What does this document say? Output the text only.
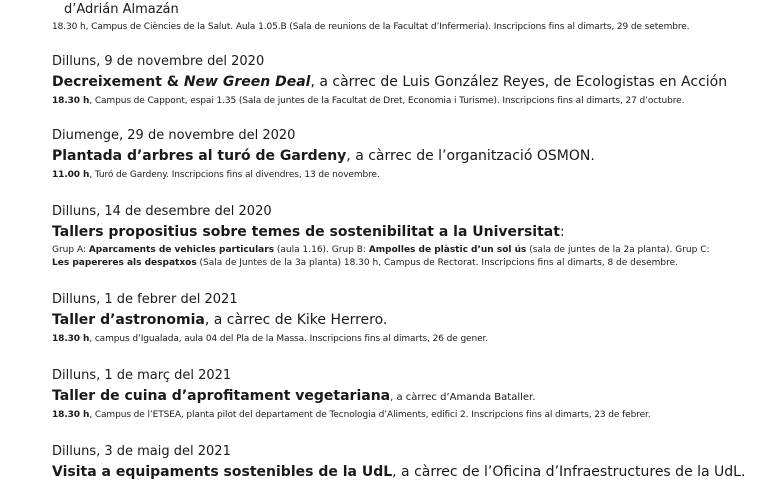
d’Adrián Almazán
18.30 h, Campus de Ciències de la Salut. Aula 1.05.B (Sala de reunions de la Facultat d’Infermeria). Inscripcions fins al dimarts, 29 de setembre.
Dilluns, 9 de novembre del 2020
Decreixement & New Green Deal, a càrrec de Luis González Reyes, de Ecologistas en Acción
18.30 h, Campus de Cappont, espai 1.35 (Sala de juntes de la Facultat de Dret, Economia i Turisme). Inscripcions fins al dimarts, 27 d’octubre.
Diumenge, 29 de novembre del 2020
Plantada d’arbres al turó de Gardeny, a càrrec de l’organització OSMON.
11.00 h, Turó de Gardeny. Inscripcions fins al divendres, 13 de novembre.
Dilluns, 14 de desembre del 2020
Tallers propositius sobre temes de sostenibilitat a la Universitat:
Grup A: Aparcaments de vehicles particulars (aula 1.16). Grup B: Ampolles de plàstic d’un sol ús (sala de juntes de la 2a planta). Grup C: Les papereres als despatxos (Sala de Juntes de la 3a planta) 18.30 h, Campus de Rectorat. Inscripcions fins al dimarts, 8 de desembre.
Dilluns, 1 de febrer del 2021
Taller d’astronomia, a càrrec de Kike Herrero.
18.30 h, campus d’Igualada, aula 04 del Pla de la Massa. Inscripcions fins al dimarts, 26 de gener.
Dilluns, 1 de març del 2021
Taller de cuina d’aprofitament vegetariana, a càrrec d’Amanda Bataller.
18.30 h, Campus de l’ETSEA, planta pilot del departament de Tecnologia d’Aliments, edifici 2. Inscripcions fins al dimarts, 23 de febrer.
Dilluns, 3 de maig del 2021
Visita a equipaments sostenibles de la UdL, a càrrec de l’Oficina d’Infraestructures de la UdL.
